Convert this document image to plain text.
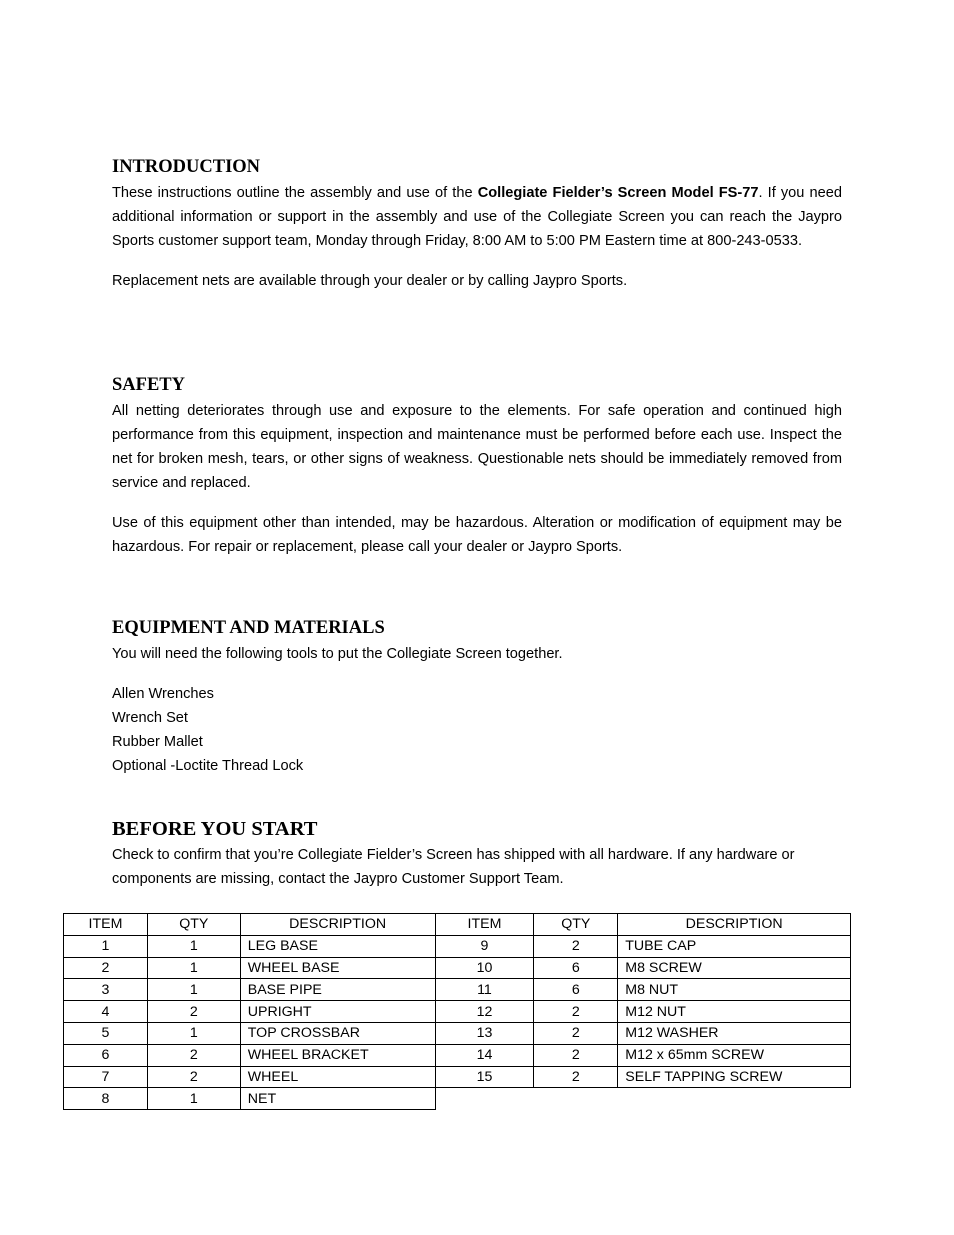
INTRODUCTION

These instructions outline the assembly and use of the Collegiate Fielder’s Screen Model FS-77. If you need additional information or support in the assembly and use of the Collegiate Screen you can reach the Jaypro Sports customer support team, Monday through Friday, 8:00 AM to 5:00 PM Eastern time at 800-243-0533.

Replacement nets are available through your dealer or by calling Jaypro Sports.

SAFETY

All netting deteriorates through use and exposure to the elements. For safe operation and continued high performance from this equipment, inspection and maintenance must be performed before each use. Inspect the net for broken mesh, tears, or other signs of weakness. Questionable nets should be immediately removed from service and replaced.

Use of this equipment other than intended, may be hazardous. Alteration or modification of equipment may be hazardous. For repair or replacement, please call your dealer or Jaypro Sports.

EQUIPMENT AND MATERIALS

You will need the following tools to put the Collegiate Screen together.

Allen Wrenches
Wrench Set
Rubber Mallet
Optional -Loctite Thread Lock
BEFORE YOU START

Check to confirm that you’re Collegiate Fielder’s Screen has shipped with all hardware. If any hardware or components are missing, contact the Jaypro Customer Support Team.

ITEM	QTY	DESCRIPTION	ITEM	QTY	DESCRIPTION
1	1	LEG BASE	9	2	TUBE CAP
2	1	WHEEL BASE	10	6	M8 SCREW
3	1	BASE PIPE	11	6	M8 NUT
4	2	UPRIGHT	12	2	M12 NUT
5	1	TOP CROSSBAR	13	2	M12 WASHER
6	2	WHEEL BRACKET	14	2	M12 x 65mm SCREW
7	2	WHEEL	15	2	SELF TAPPING SCREW
8	1	NET			
